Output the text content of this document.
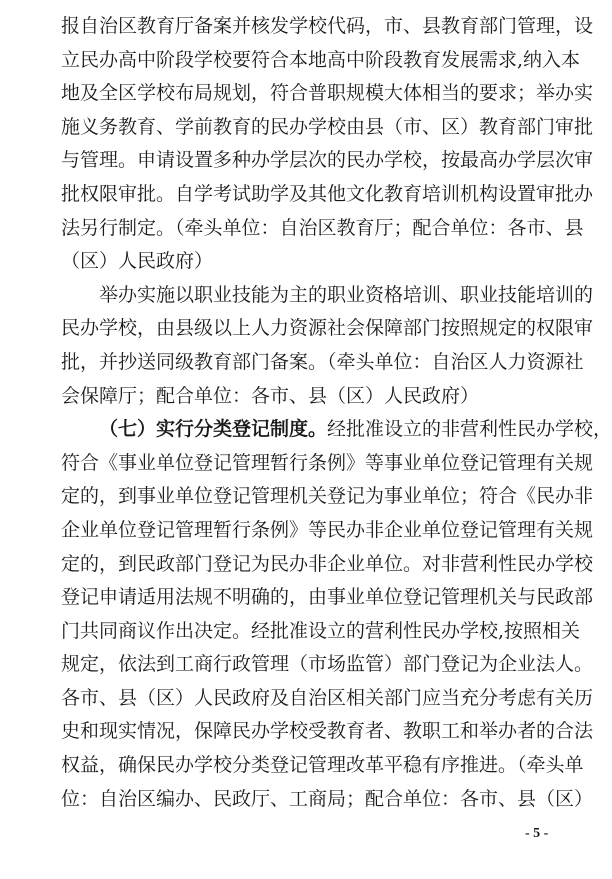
报自治区教育厅备案并核发学校代码，市、县教育部门管理，设
立民办高中阶段学校要符合本地高中阶段教育发展需求,纳入本
地及全区学校布局规划，符合普职规模大体相当的要求；举办实
施义务教育、学前教育的民办学校由县（市、区）教育部门审批
与管理。申请设置多种办学层次的民办学校，按最高办学层次审
批权限审批。自学考试助学及其他文化教育培训机构设置审批办
法另行制定。（牵头单位：自治区教育厅；配合单位：各市、县
（区）人民政府）
举办实施以职业技能为主的职业资格培训、职业技能培训的
民办学校，由县级以上人力资源社会保障部门按照规定的权限审
批，并抄送同级教育部门备案。（牵头单位：自治区人力资源社
会保障厅；配合单位：各市、县（区）人民政府）
（七）实行分类登记制度。经批准设立的非营利性民办学校，
符合《事业单位登记管理暂行条例》等事业单位登记管理有关规
定的，到事业单位登记管理机关登记为事业单位；符合《民办非
企业单位登记管理暂行条例》等民办非企业单位登记管理有关规
定的，到民政部门登记为民办非企业单位。对非营利性民办学校
登记申请适用法规不明确的，由事业单位登记管理机关与民政部
门共同商议作出决定。经批准设立的营利性民办学校,按照相关
规定，依法到工商行政管理（市场监管）部门登记为企业法人。
各市、县（区）人民政府及自治区相关部门应当充分考虑有关历
史和现实情况，保障民办学校受教育者、教职工和举办者的合法
权益，确保民办学校分类登记管理改革平稳有序推进。（牵头单
位：自治区编办、民政厅、工商局；配合单位：各市、县（区）
- 5 -
